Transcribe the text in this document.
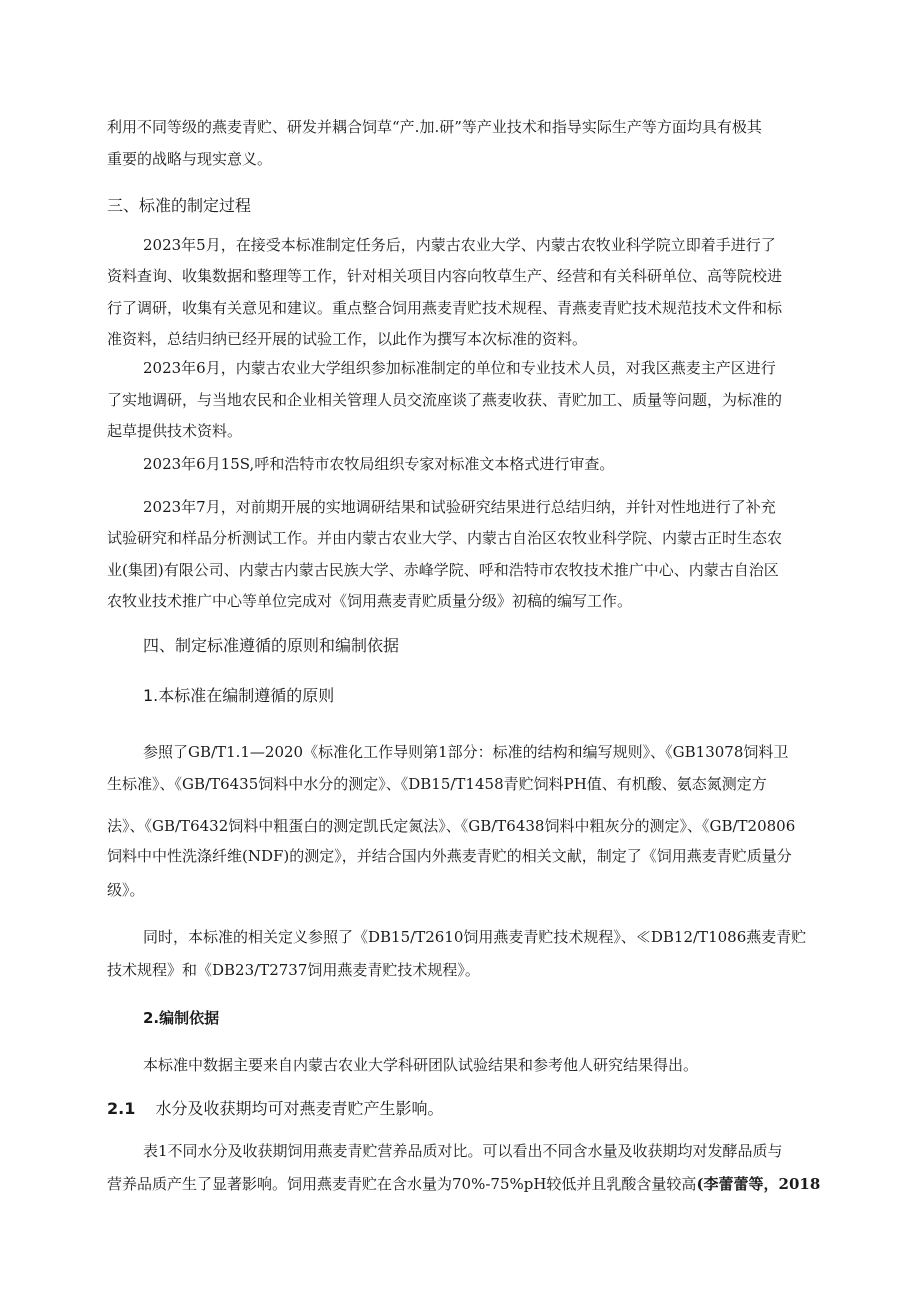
利用不同等级的燕麦青贮、研发并耦合饲草“产.加.研”等产业技术和指导实际生产等方面均具有极其
重要的战略与现实意义。
三、标准的制定过程
2023年5月，在接受本标准制定任务后，内蒙古农业大学、内蒙古农牧业科学院立即着手进行了
资料查询、收集数据和整理等工作，针对相关项目内容向牧草生产、经营和有关科研单位、高等院校进
行了调研，收集有关意见和建议。重点整合饲用燕麦青贮技术规程、青燕麦青贮技术规范技术文件和标
准资料，总结归纳已经开展的试验工作，以此作为撰写本次标准的资料。
2023年6月，内蒙古农业大学组织参加标准制定的单位和专业技术人员，对我区燕麦主产区进行
了实地调研，与当地农民和企业相关管理人员交流座谈了燕麦收获、青贮加工、质量等问题，为标准的
起草提供技术资料。
2023年6月15S,呼和浩特市农牧局组织专家对标准文本格式进行审查。
2023年7月，对前期开展的实地调研结果和试验研究结果进行总结归纳，并针对性地进行了补充
试验研究和样品分析测试工作。并由内蒙古农业大学、内蒙古自治区农牧业科学院、内蒙古正时生态农
业(集团)有限公司、内蒙古内蒙古民族大学、赤峰学院、呼和浩特市农牧技术推广中心、内蒙古自治区
农牧业技术推广中心等单位完成对《饲用燕麦青贮质量分级》初稿的编写工作。
四、制定标准遵循的原则和编制依据
1.本标准在编制遵循的原则
参照了GB/T1.1—2020《标准化工作导则第1部分：标准的结构和编写规则》、《GB13078饲料卫
生标准》、《GB/T6435饲料中水分的测定》、《DB15/T1458青贮饲料PH值、有机酸、氨态氮测定方
法》、《GB/T6432饲料中粗蛋白的测定凯氏定氮法》、《GB/T6438饲料中粗灰分的测定》、《GB/T20806
饲料中中性洗涤纤维(NDF)的测定》，并结合国内外燕麦青贮的相关文献，制定了《饲用燕麦青贮质量分
级》。
同时，本标准的相关定义参照了《DB15/T2610饲用燕麦青贮技术规程》、≪DB12/T1086燕麦青贮
技术规程》和《DB23/T2737饲用燕麦青贮技术规程》。
2.编制依据
本标准中数据主要来自内蒙古农业大学科研团队试验结果和参考他人研究结果得出。
2.1 水分及收获期均可对燕麦青贮产生影响。
表1不同水分及收获期饲用燕麦青贮营养品质对比。可以看出不同含水量及收获期均对发酵品质与
营养品质产生了显著影响。饲用燕麦青贮在含水量为70%-75%pH较低并且乳酸含量较高(李蕾蕾等，2018
